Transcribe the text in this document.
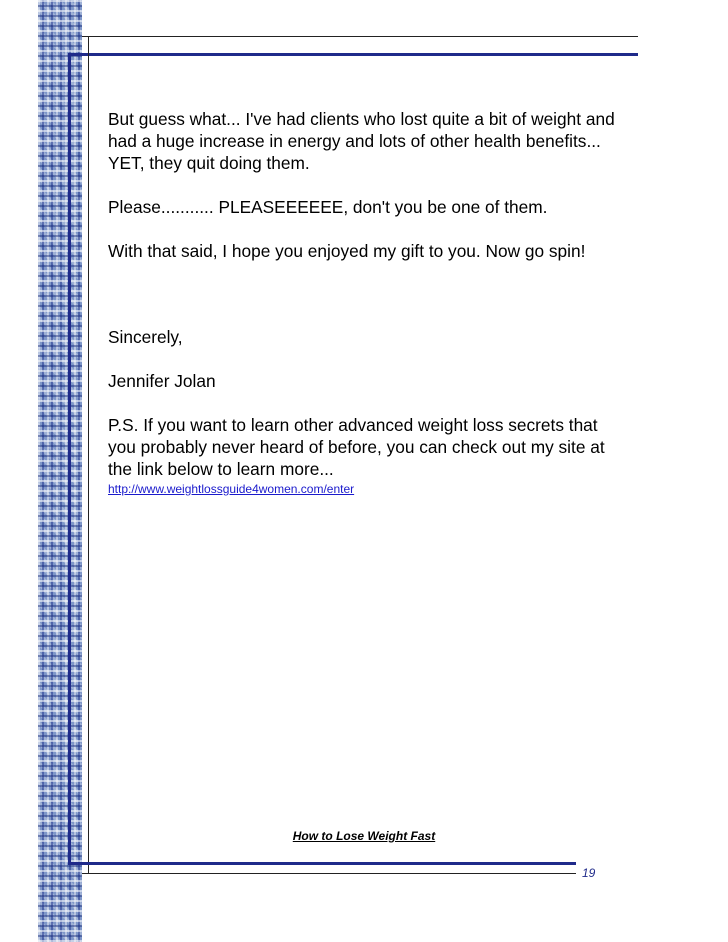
But guess what... I've had clients who lost quite a bit of weight and had a huge increase in energy and lots of other health benefits... YET, they quit doing them.

Please........... PLEASEEEEEE, don't you be one of them.

With that said, I hope you enjoyed my gift to you. Now go spin!

Sincerely,

Jennifer Jolan

P.S. If you want to learn other advanced weight loss secrets that you probably never heard of before, you can check out my site at the link below to learn more...

http://www.weightlossguide4women.com/enter
How to Lose Weight Fast
19
